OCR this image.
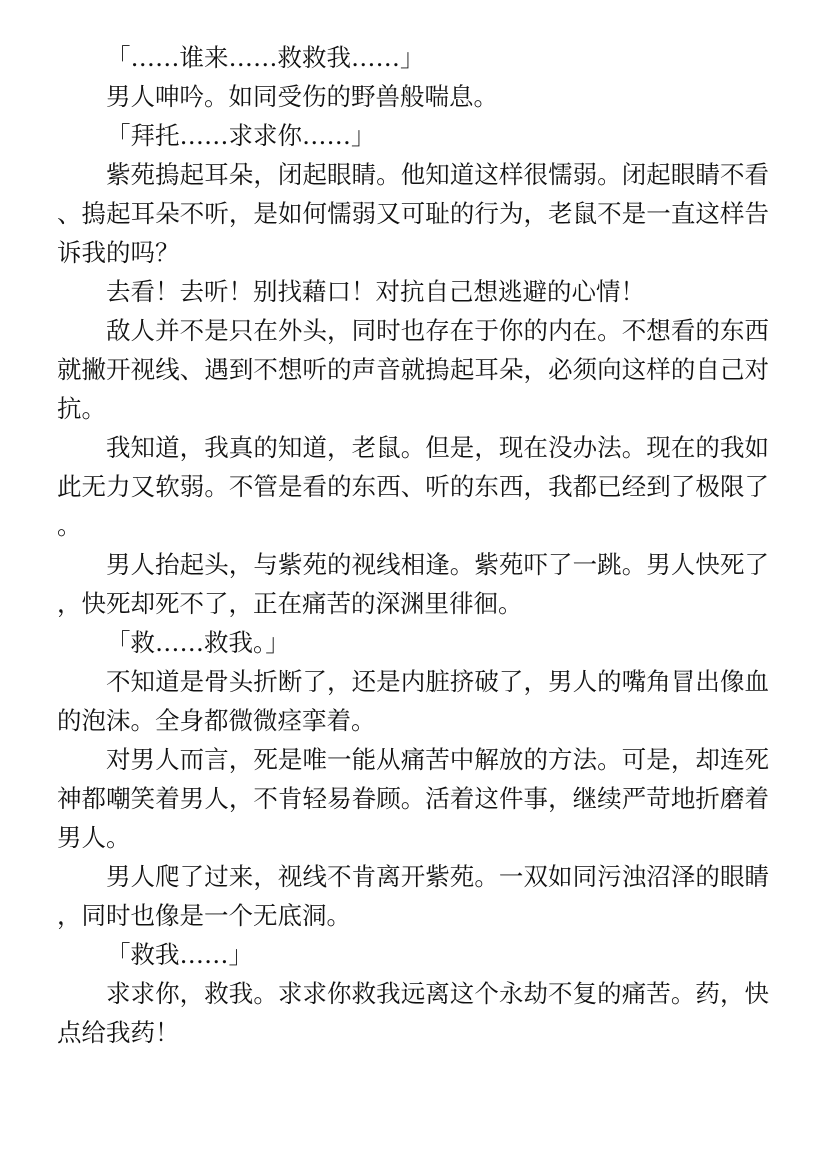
「……谁来……救救我……」

男人呻吟。如同受伤的野兽般喘息。

「拜托……求求你……」

紫苑摀起耳朵，闭起眼睛。他知道这样很懦弱。闭起眼睛不看、摀起耳朵不听，是如何懦弱又可耻的行为，老鼠不是一直这样告诉我的吗？

去看！去听！别找藉口！对抗自己想逃避的心情！

敌人并不是只在外头，同时也存在于你的内在。不想看的东西就撇开视线、遇到不想听的声音就摀起耳朵，必须向这样的自己对抗。

我知道，我真的知道，老鼠。但是，现在没办法。现在的我如此无力又软弱。不管是看的东西、听的东西，我都已经到了极限了。

男人抬起头，与紫苑的视线相逢。紫苑吓了一跳。男人快死了，快死却死不了，正在痛苦的深渊里徘徊。

「救……救我。」

不知道是骨头折断了，还是内脏挤破了，男人的嘴角冒出像血的泡沫。全身都微微痉挛着。

对男人而言，死是唯一能从痛苦中解放的方法。可是，却连死神都嘲笑着男人，不肯轻易眷顾。活着这件事，继续严苛地折磨着男人。

男人爬了过来，视线不肯离开紫苑。一双如同污浊沼泽的眼睛，同时也像是一个无底洞。

「救我……」

求求你，救我。求求你救我远离这个永劫不复的痛苦。药，快点给我药！
